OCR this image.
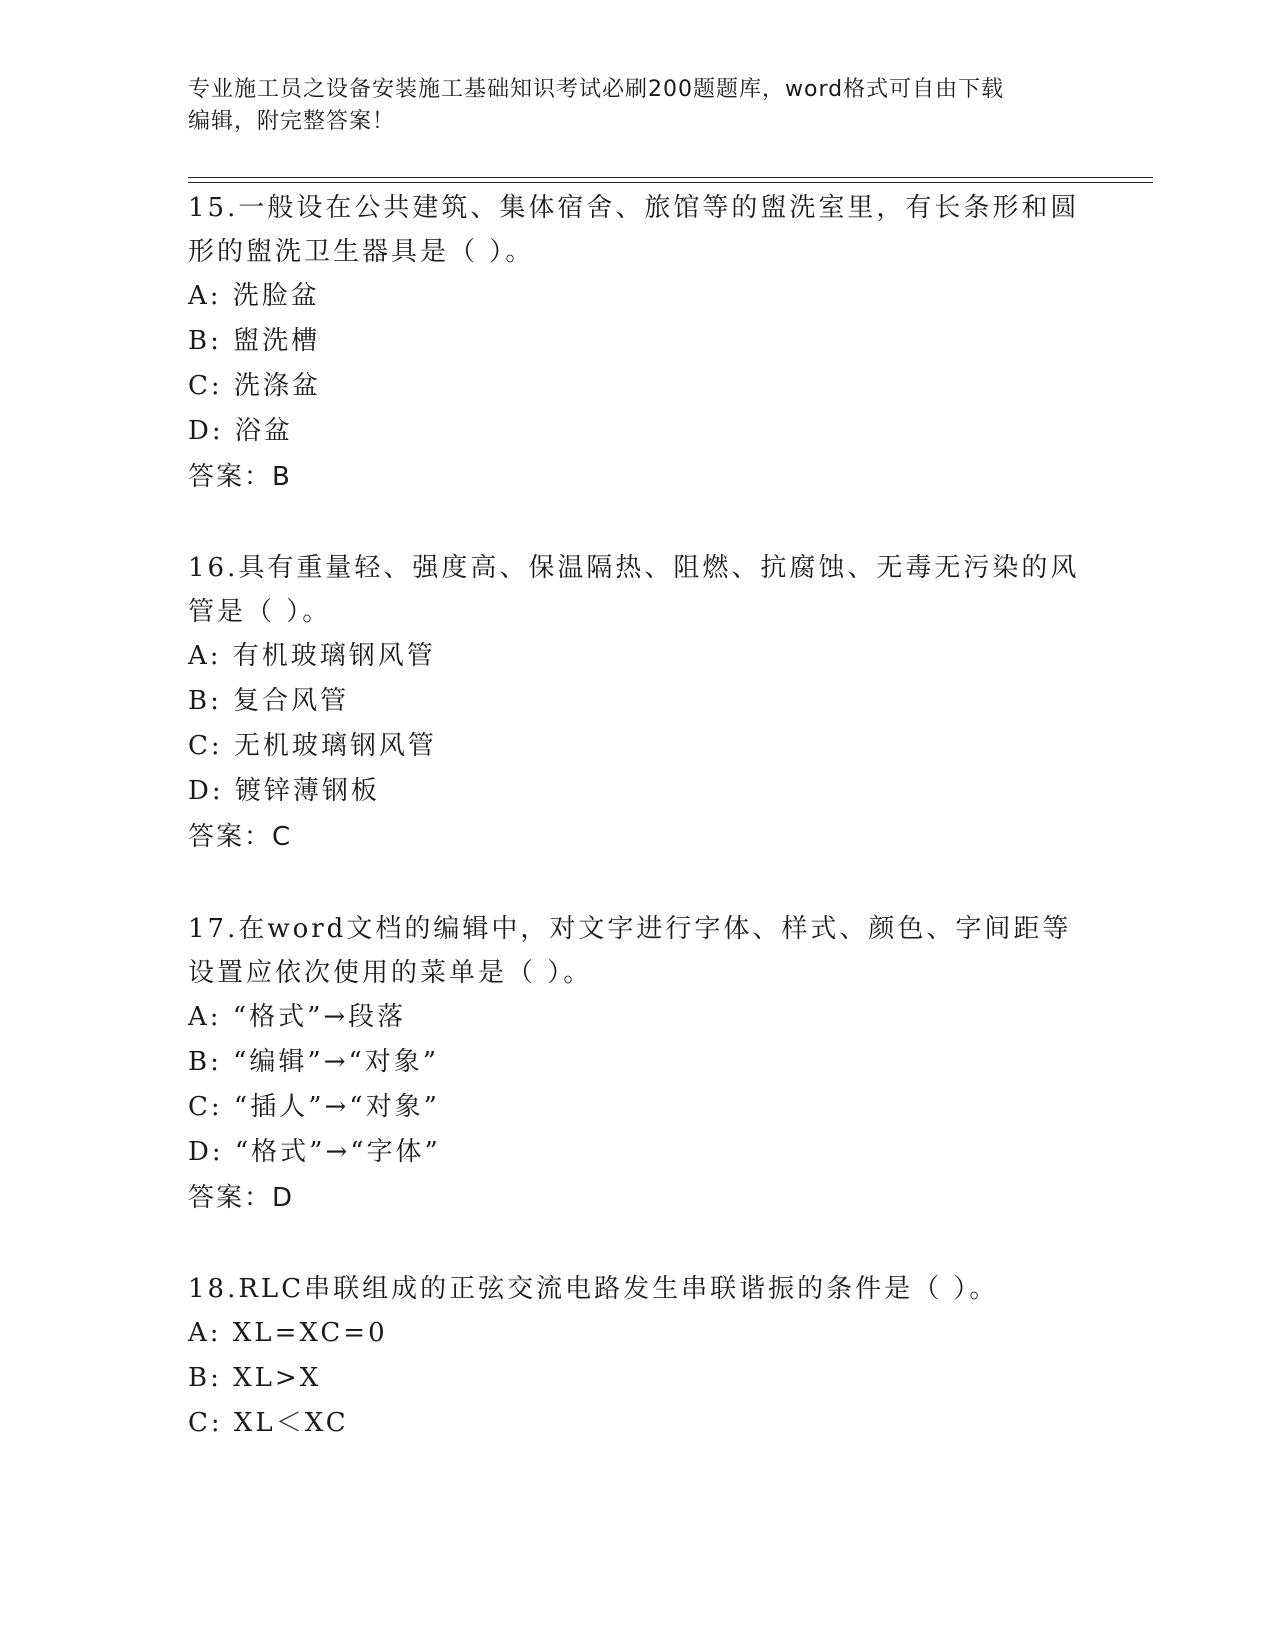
专业施工员之设备安装施工基础知识考试必刷200题题库，word格式可自由下载
编辑，附完整答案！

15.一般设在公共建筑、集体宿舍、旅馆等的盥洗室里，有长条形和圆

形的盥洗卫生器具是（ ）。

A: 洗脸盆

B: 盥洗槽

C: 洗涤盆

D: 浴盆

答案：B

16.具有重量轻、强度高、保温隔热、阻燃、抗腐蚀、无毒无污染的风

管是（ ）。

A: 有机玻璃钢风管

B: 复合风管

C: 无机玻璃钢风管

D: 镀锌薄钢板

答案：C

17.在word文档的编辑中，对文字进行字体、样式、颜色、字间距等

设置应依次使用的菜单是（ ）。

A: “格式”→段落

B: “编辑”→“对象”

C: “插人”→“对象”

D: “格式”→“字体”

答案：D

18.RLC串联组成的正弦交流电路发生串联谐振的条件是（ ）。

A: XL=XC=0

B: XL>X

C: XL＜XC
